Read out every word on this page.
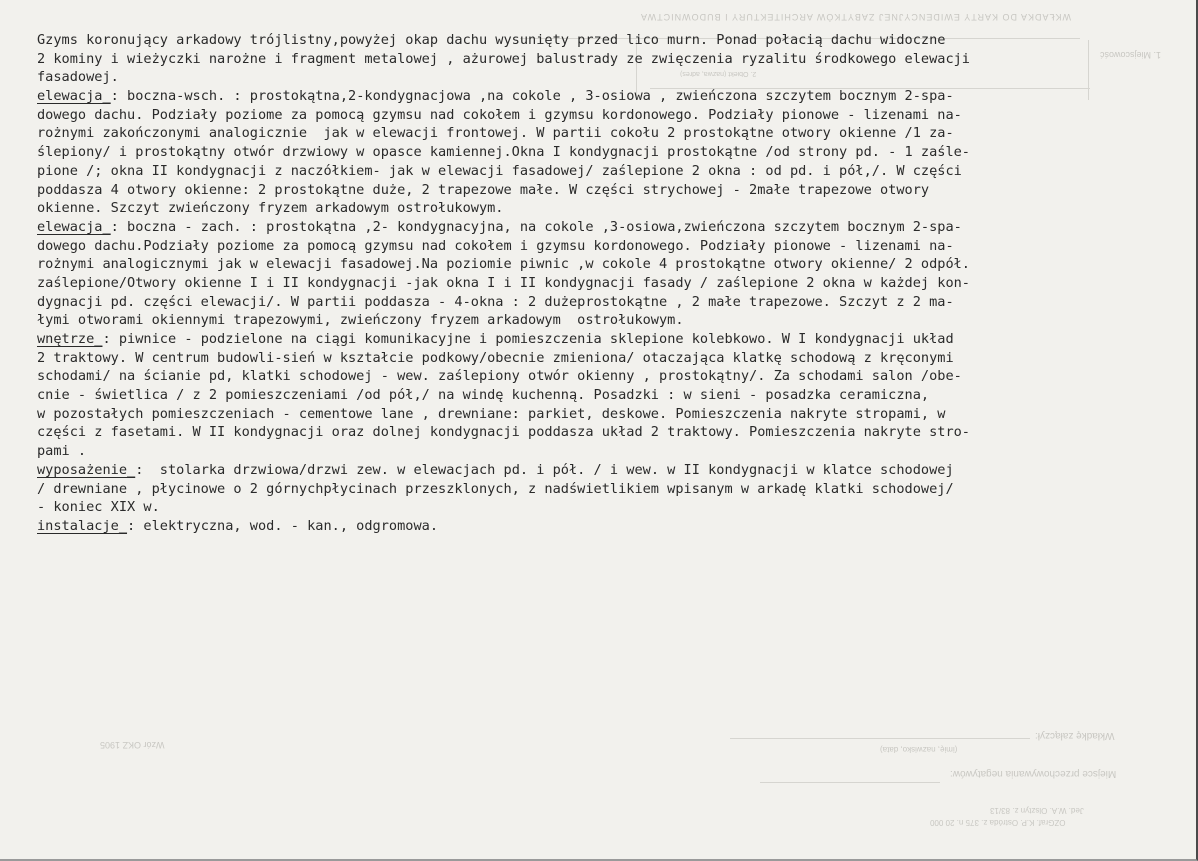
WKŁADKA DO KARTY EWIDENCYJNEJ ZABYTKÓW ARCHITEKTURY I BUDOWNICTWA
1. Miejscowość
2. Obiekt (nazwa, adres)
Wkładkę załączył:
(imię, nazwisko, data)
Miejsce przechowywania negatywów:
Jed. W.A. Olsztyn z. 83/13
OZGraf. K.P. Ostróda z. 375 n. 20 000
Wzór OKZ 1905
Gzyms koronujący arkadowy trójlistny,powyżej okap dachu wysunięty przed lico murn. Ponad połacią dachu widoczne
2 kominy i wieżyczki narożne i fragment metalowej , ażurowej balustrady ze zwięczenia ryzalitu środkowego elewacji
fasadowej.
elewacja_: boczna-wsch. : prostokątna,2-kondygnacjowa ,na cokole , 3-osiowa , zwieńczona szczytem bocznym 2-spa-
dowego dachu. Podziały poziome za pomocą gzymsu nad cokołem i gzymsu kordonowego. Podziały pionowe - lizenami na-
rożnymi zakończonymi analogicznie  jak w elewacji frontowej. W partii cokołu 2 prostokątne otwory okienne /1 za-
ślepiony/ i prostokątny otwór drzwiowy w opasce kamiennej.Okna I kondygnacji prostokątne /od strony pd. - 1 zaśle-
pione /; okna II kondygnacji z naczółkiem- jak w elewacji fasadowej/ zaślepione 2 okna : od pd. i pół,/. W części
poddasza 4 otwory okienne: 2 prostokątne duże, 2 trapezowe małe. W części strychowej - 2małe trapezowe otwory
okienne. Szczyt zwieńczony fryzem arkadowym ostrołukowym.
elewacja_: boczna - zach. : prostokątna ,2- kondygnacyjna, na cokole ,3-osiowa,zwieńczona szczytem bocznym 2-spa-
dowego dachu.Podziały poziome za pomocą gzymsu nad cokołem i gzymsu kordonowego. Podziały pionowe - lizenami na-
rożnymi analogicznymi jak w elewacji fasadowej.Na poziomie piwnic ,w cokole 4 prostokątne otwory okienne/ 2 odpół.
zaślepione/Otwory okienne I i II kondygnacji -jak okna I i II kondygnacji fasady / zaślepione 2 okna w każdej kon-
dygnacji pd. części elewacji/. W partii poddasza - 4-okna : 2 dużeprostokątne , 2 małe trapezowe. Szczyt z 2 ma-
łymi otworami okiennymi trapezowymi, zwieńczony fryzem arkadowym  ostrołukowym.
wnętrze_: piwnice - podzielone na ciągi komunikacyjne i pomieszczenia sklepione kolebkowo. W I kondygnacji układ
2 traktowy. W centrum budowli-sień w kształcie podkowy/obecnie zmieniona/ otaczająca klatkę schodową z kręconymi
schodami/ na ścianie pd, klatki schodowej - wew. zaślepiony otwór okienny , prostokątny/. Za schodami salon /obe-
cnie - świetlica / z 2 pomieszczeniami /od pół,/ na windę kuchenną. Posadzki : w sieni - posadzka ceramiczna,
w pozostałych pomieszczeniach - cementowe lane , drewniane: parkiet, deskowe. Pomieszczenia nakryte stropami, w
części z fasetami. W II kondygnacji oraz dolnej kondygnacji poddasza układ 2 traktowy. Pomieszczenia nakryte stro-
pami .
wyposażenie_:  stolarka drzwiowa/drzwi zew. w elewacjach pd. i pół. / i wew. w II kondygnacji w klatce schodowej
/ drewniane , płycinowe o 2 górnychpłycinach przeszklonych, z nadświetlikiem wpisanym w arkadę klatki schodowej/
- koniec XIX w.
instalacje_: elektryczna, wod. - kan., odgromowa.
